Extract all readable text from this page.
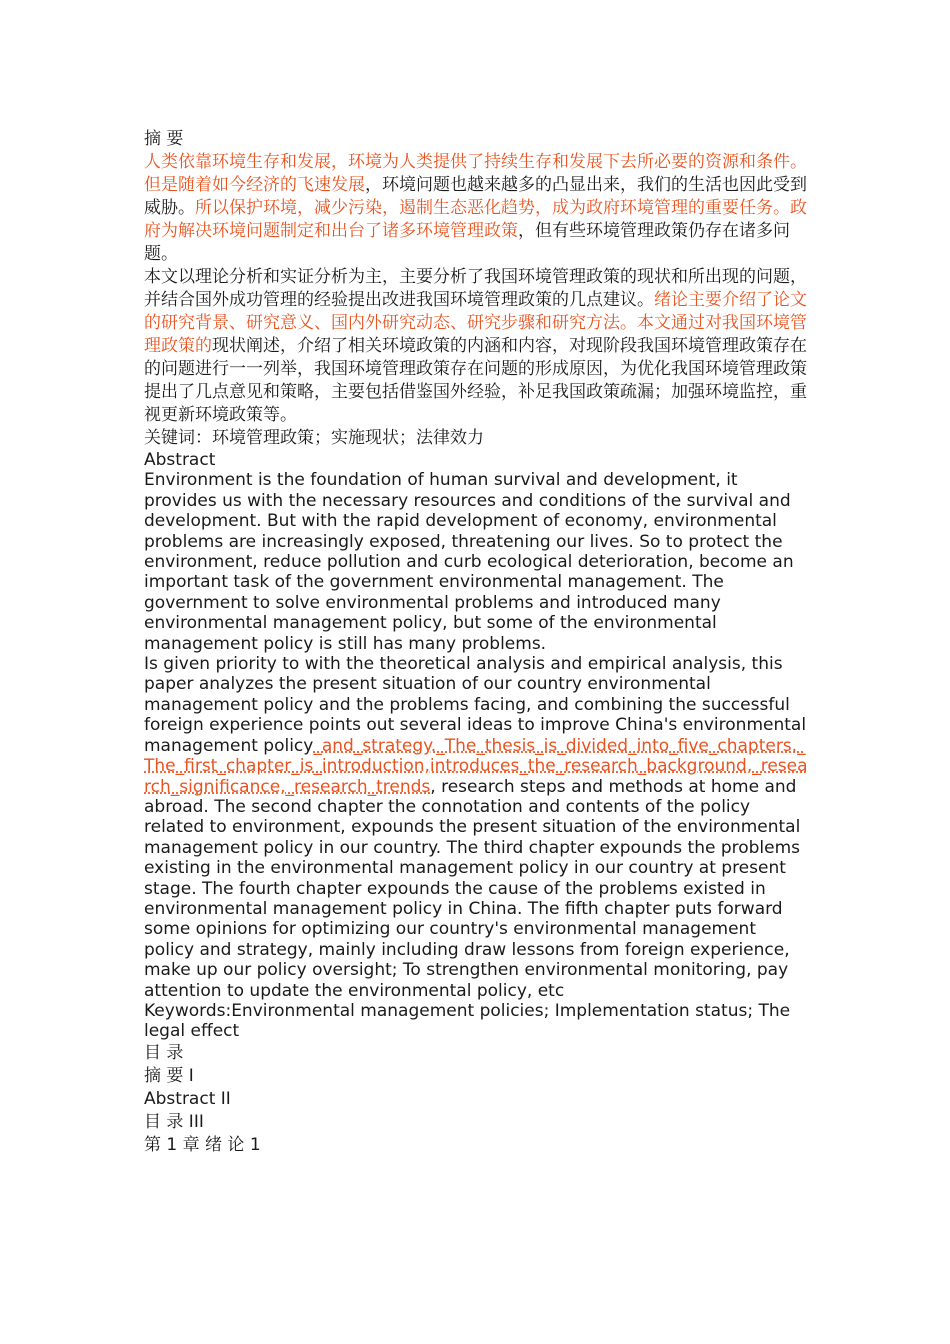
摘 要

人类依靠环境生存和发展，环境为人类提供了持续生存和发展下去所必要的资源和条件。但是随着如今经济的飞速发展，环境问题也越来越多的凸显出来，我们的生活也因此受到威胁。所以保护环境，减少污染，遏制生态恶化趋势，成为政府环境管理的重要任务。政府为解决环境问题制定和出台了诸多环境管理政策，但有些环境管理政策仍存在诸多问题。

本文以理论分析和实证分析为主，主要分析了我国环境管理政策的现状和所出现的问题，并结合国外成功管理的经验提出改进我国环境管理政策的几点建议。绪论主要介绍了论文的研究背景、研究意义、国内外研究动态、研究步骤和研究方法。本文通过对我国环境管理政策的现状阐述，介绍了相关环境政策的内涵和内容，对现阶段我国环境管理政策存在的问题进行一一列举，我国环境管理政策存在问题的形成原因，为优化我国环境管理政策提出了几点意见和策略，主要包括借鉴国外经验，补足我国政策疏漏；加强环境监控，重视更新环境政策等。

关键词：环境管理政策；实施现状；法律效力

Abstract

Environment is the foundation of human survival and development, it provides us with the necessary resources and conditions of the survival and development. But with the rapid development of economy, environmental problems are increasingly exposed, threatening our lives. So to protect the environment, reduce pollution and curb ecological deterioration, become an important task of the government environmental management. The government to solve environmental problems and introduced many environmental management policy, but some of the environmental management policy is still has many problems.

Is given priority to with the theoretical analysis and empirical analysis, this paper analyzes the present situation of our country environmental management policy and the problems facing, and combining the successful foreign experience points out several ideas to improve China's environmental management policy_and_strategy._The_thesis_is_divided_into_five_chapters._The_first_chapter_is_introduction,introduces_the_research_background,_research_significance,_research_trends, research steps and methods at home and abroad. The second chapter the connotation and contents of the policy related to environment, expounds the present situation of the environmental management policy in our country. The third chapter expounds the problems existing in the environmental management policy in our country at present stage. The fourth chapter expounds the cause of the problems existed in environmental management policy in China. The fifth chapter puts forward some opinions for optimizing our country's environmental management policy and strategy, mainly including draw lessons from foreign experience, make up our policy oversight; To strengthen environmental monitoring, pay attention to update the environmental policy, etc

Keywords:Environmental management policies; Implementation status; The legal effect

目 录

摘 要 I

Abstract II

目 录 III

第 1 章 绪 论 1
